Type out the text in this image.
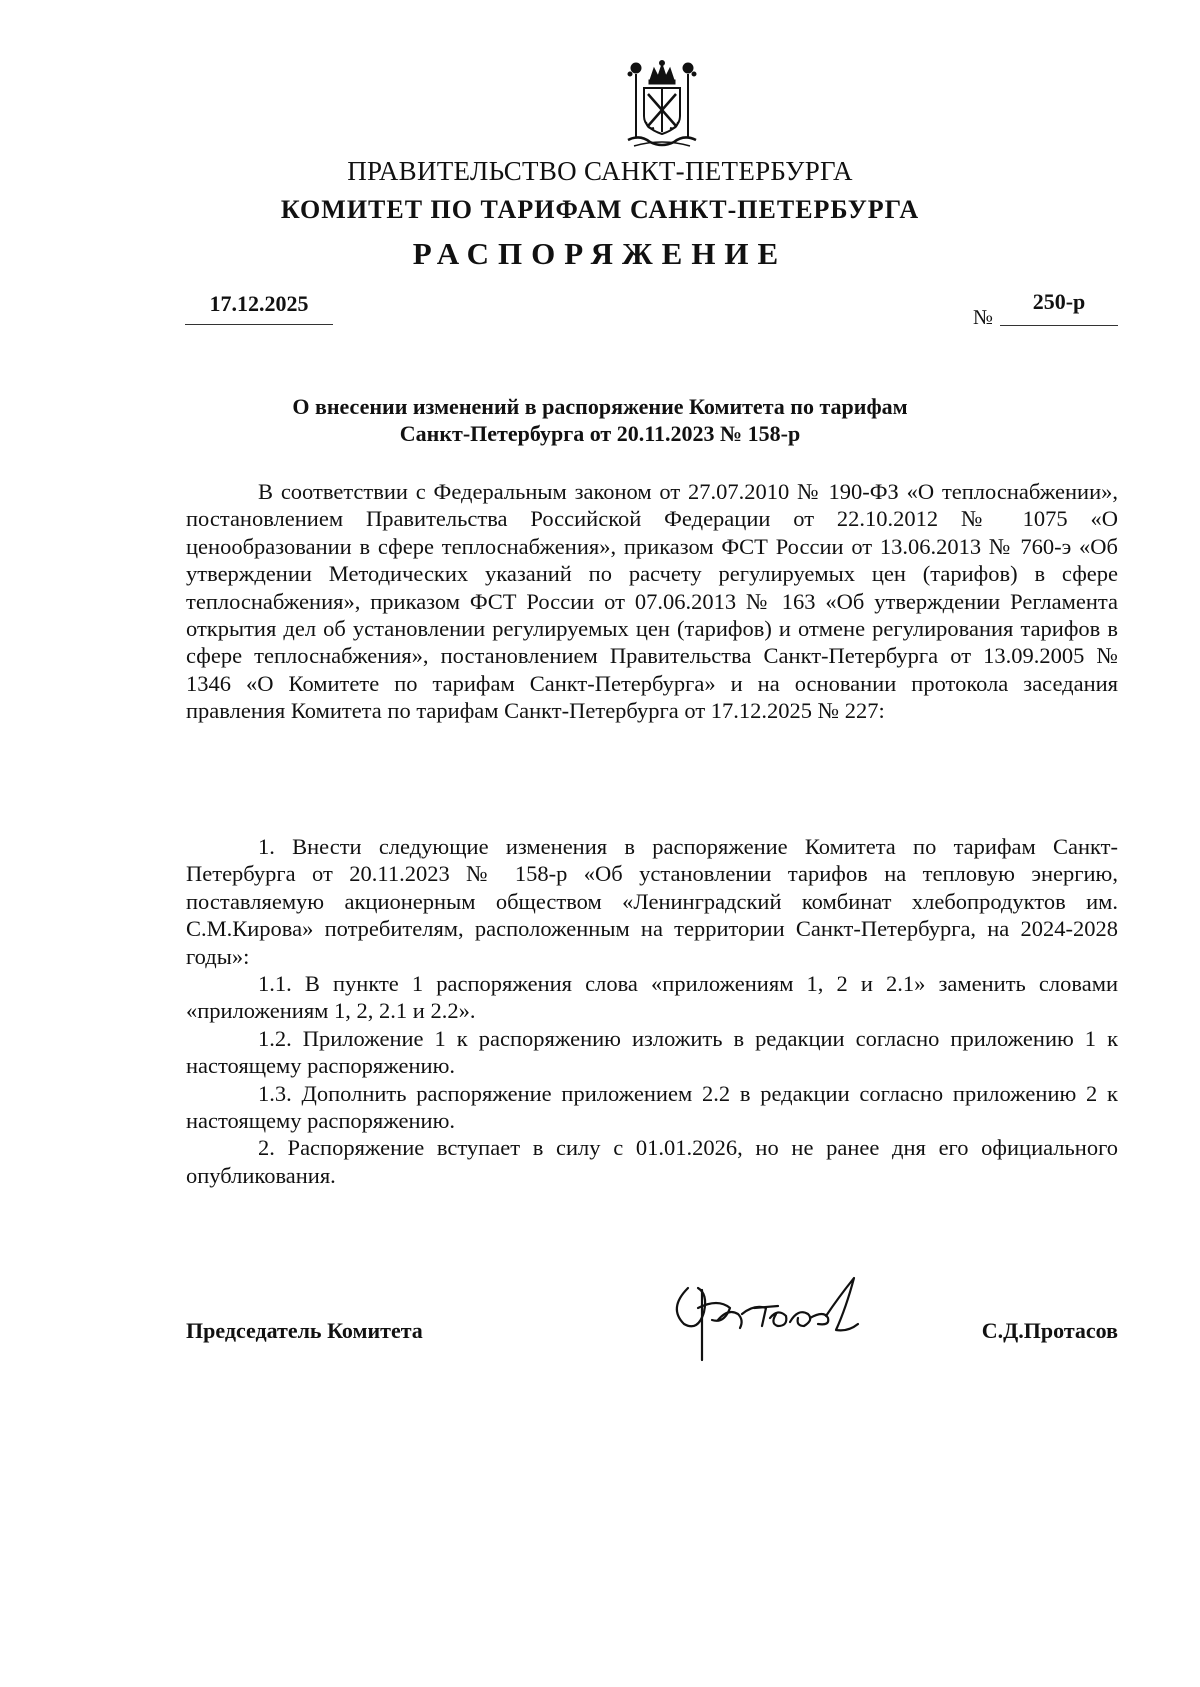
ПРАВИТЕЛЬСТВО САНКТ-ПЕТЕРБУРГА
КОМИТЕТ ПО ТАРИФАМ САНКТ-ПЕТЕРБУРГА
РАСПОРЯЖЕНИЕ
17.12.2025
№
250-р
О внесении изменений в распоряжение Комитета по тарифам
Санкт-Петербурга от 20.11.2023 № 158-р

В соответствии с Федеральным законом от 27.07.2010 № 190-ФЗ «О теплоснабжении», постановлением Правительства Российской Федерации от 22.10.2012 № 1075 «О ценообразовании в сфере теплоснабжения», приказом ФСТ России от 13.06.2013 № 760-э «Об утверждении Методических указаний по расчету регулируемых цен (тарифов) в сфере теплоснабжения», приказом ФСТ России от 07.06.2013 № 163 «Об утверждении Регламента открытия дел об установлении регулируемых цен (тарифов) и отмене регулирования тарифов в сфере теплоснабжения», постановлением Правительства Санкт-Петербурга от 13.09.2005 № 1346 «О Комитете по тарифам Санкт-Петербурга» и на основании протокола заседания правления Комитета по тарифам Санкт-Петербурга от 17.12.2025 № 227:

1. Внести следующие изменения в распоряжение Комитета по тарифам Санкт-Петербурга от 20.11.2023 № 158-р «Об установлении тарифов на тепловую энергию, поставляемую акционерным обществом «Ленинградский комбинат хлебопродуктов им. С.М.Кирова» потребителям, расположенным на территории Санкт-Петербурга, на 2024-2028 годы»:

1.1. В пункте 1 распоряжения слова «приложениям 1, 2 и 2.1» заменить словами «приложениям 1, 2, 2.1 и 2.2».

1.2. Приложение 1 к распоряжению изложить в редакции согласно приложению 1 к настоящему распоряжению.

1.3. Дополнить распоряжение приложением 2.2 в редакции согласно приложению 2 к настоящему распоряжению.

2. Распоряжение вступает в силу с 01.01.2026, но не ранее дня его официального опубликования.

Председатель Комитета	С.Д.Протасов
